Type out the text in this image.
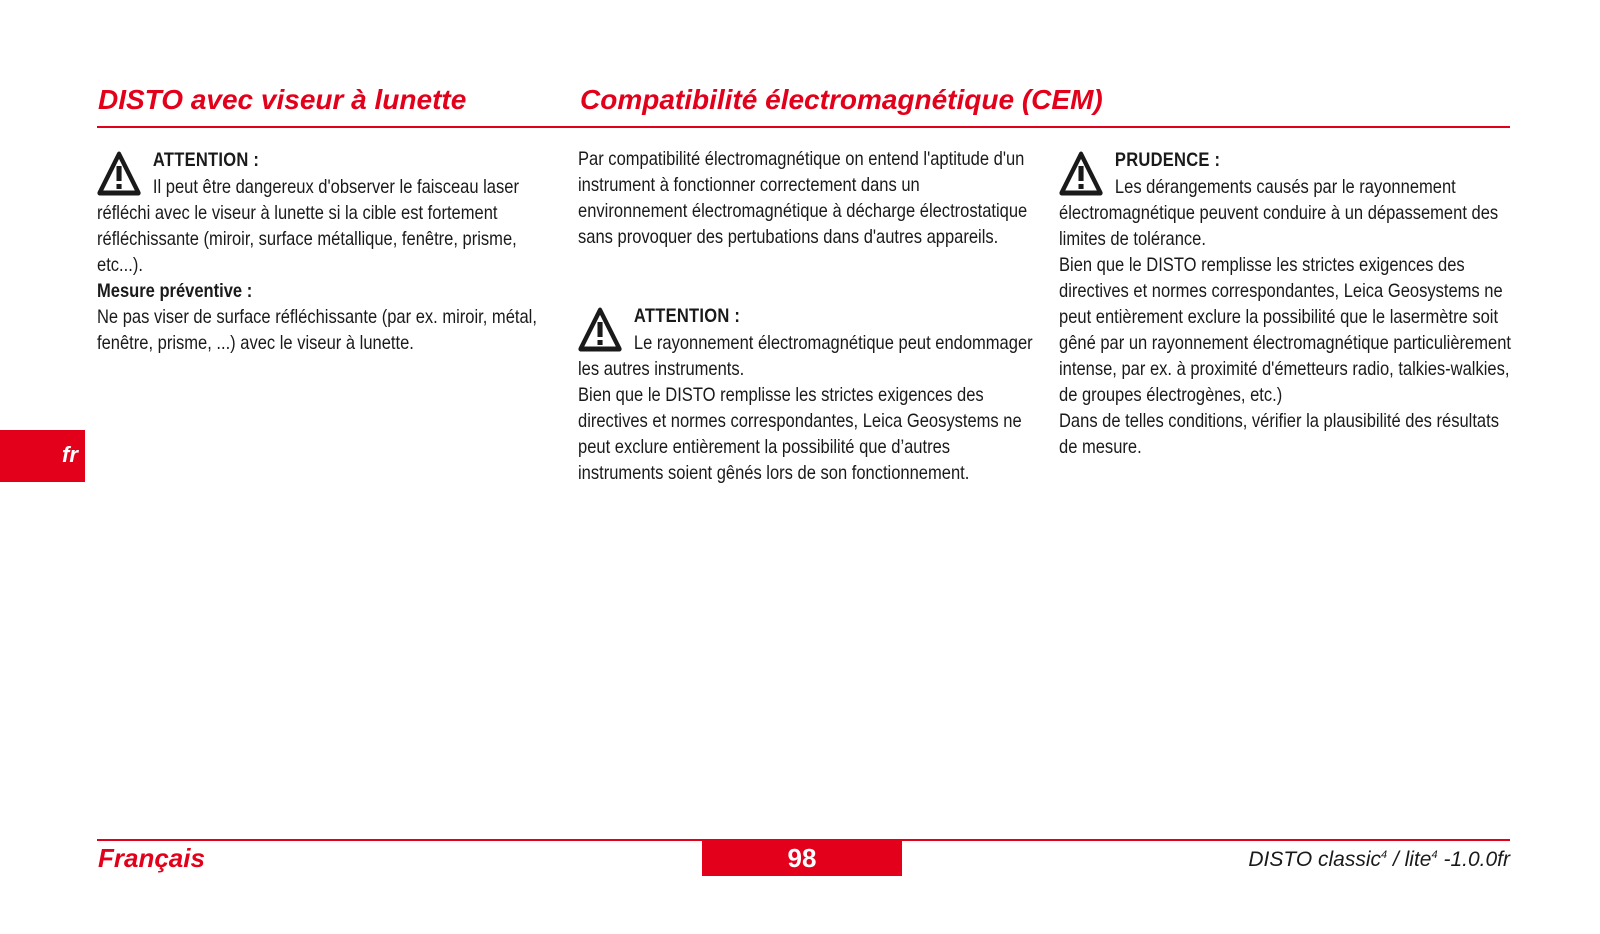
DISTO avec viseur à lunette	Compatibilité électromagnétique (CEM)
ATTENTION :

Il peut être dangereux d'observer le faisceau laser réfléchi avec le viseur à lunette si la cible est fortement réfléchissante (miroir, surface métallique, fenêtre, prisme, etc...).

Mesure préventive :

Ne pas viser de surface réfléchissante (par ex. miroir, métal, fenêtre, prisme, ...) avec le viseur à lunette.

Par compatibilité électromagnétique on entend l'aptitude d'un instrument à fonctionner correctement dans un environnement électromagnétique à décharge électrostatique sans provoquer des pertubations dans d'autres appareils.

ATTENTION :

Le rayonnement électromagnétique peut endommager les autres instruments.

Bien que le DISTO remplisse les strictes exigences des directives et normes correspondantes, Leica Geosystems ne peut exclure entièrement la possibilité que d’autres instruments soient gênés lors de son fonctionnement.

PRUDENCE :

Les dérangements causés par le rayonnement électromagnétique peuvent conduire à un dépassement des limites de tolérance.

Bien que le DISTO remplisse les strictes exigences des directives et normes correspondantes, Leica Geosystems ne peut entièrement exclure la possibilité que le lasermètre soit gêné par un rayonnement électromagnétique particulièrement intense, par ex. à proximité d'émetteurs radio, talkies-walkies, de groupes électrogènes, etc.)

Dans de telles conditions, vérifier la plausibilité des résultats de mesure.

fr
Français	98	DISTO classic$^4$ / lite$^4$ -1.0.0fr
